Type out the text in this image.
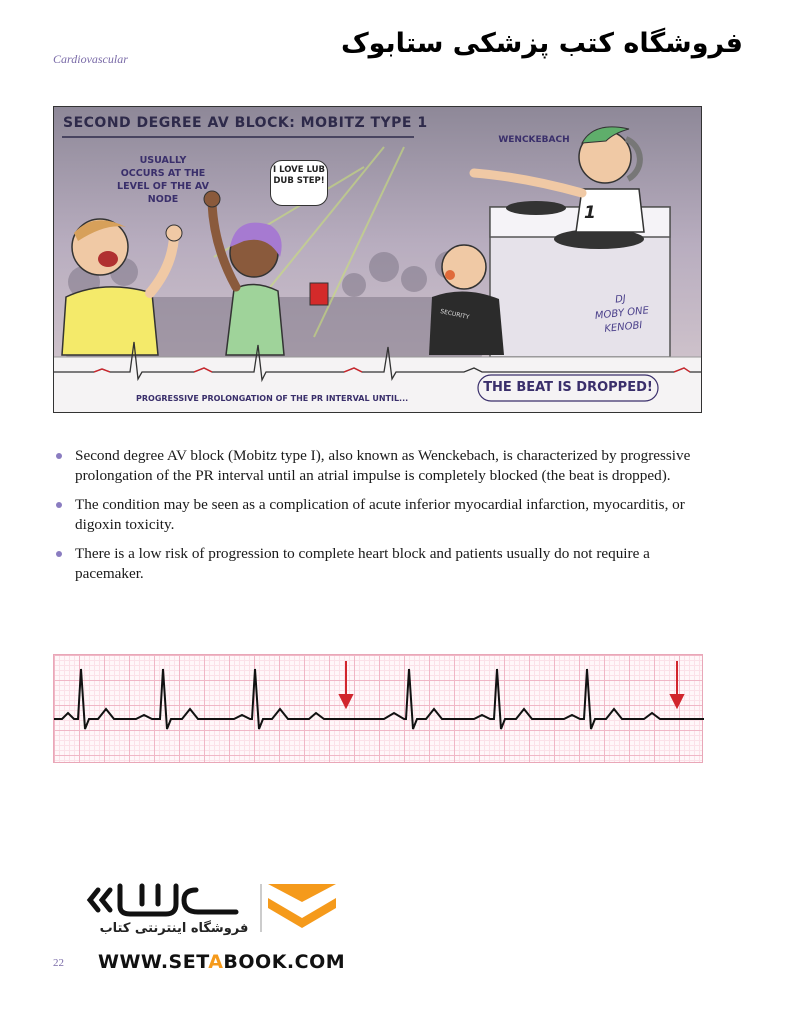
Cardiovascular	فروشگاه کتب پزشکی ستابوک
SECOND DEGREE AV BLOCK: MOBITZ TYPE 1
USUALLY OCCURS AT THE LEVEL OF THE AV NODE
I LOVE LUB DUB STEP!
WENCKEBACH
1
SECURITY
DJ
MOBY ONE
KENOBI
PROGRESSIVE PROLONGATION OF THE PR INTERVAL UNTIL...
THE BEAT IS DROPPED!
Second degree AV block (Mobitz type I), also known as Wenckebach, is characterized by progressive prolongation of the PR interval until an atrial impulse is completely blocked (the beat is dropped).
The condition may be seen as a complication of acute inferior myocardial infarction, myocarditis, or digoxin toxicity.
There is a low risk of progression to complete heart block and patients usually do not require a pacemaker.
فروشگاه اینترنتی کتاب
WWW.SETABOOK.COM
22
